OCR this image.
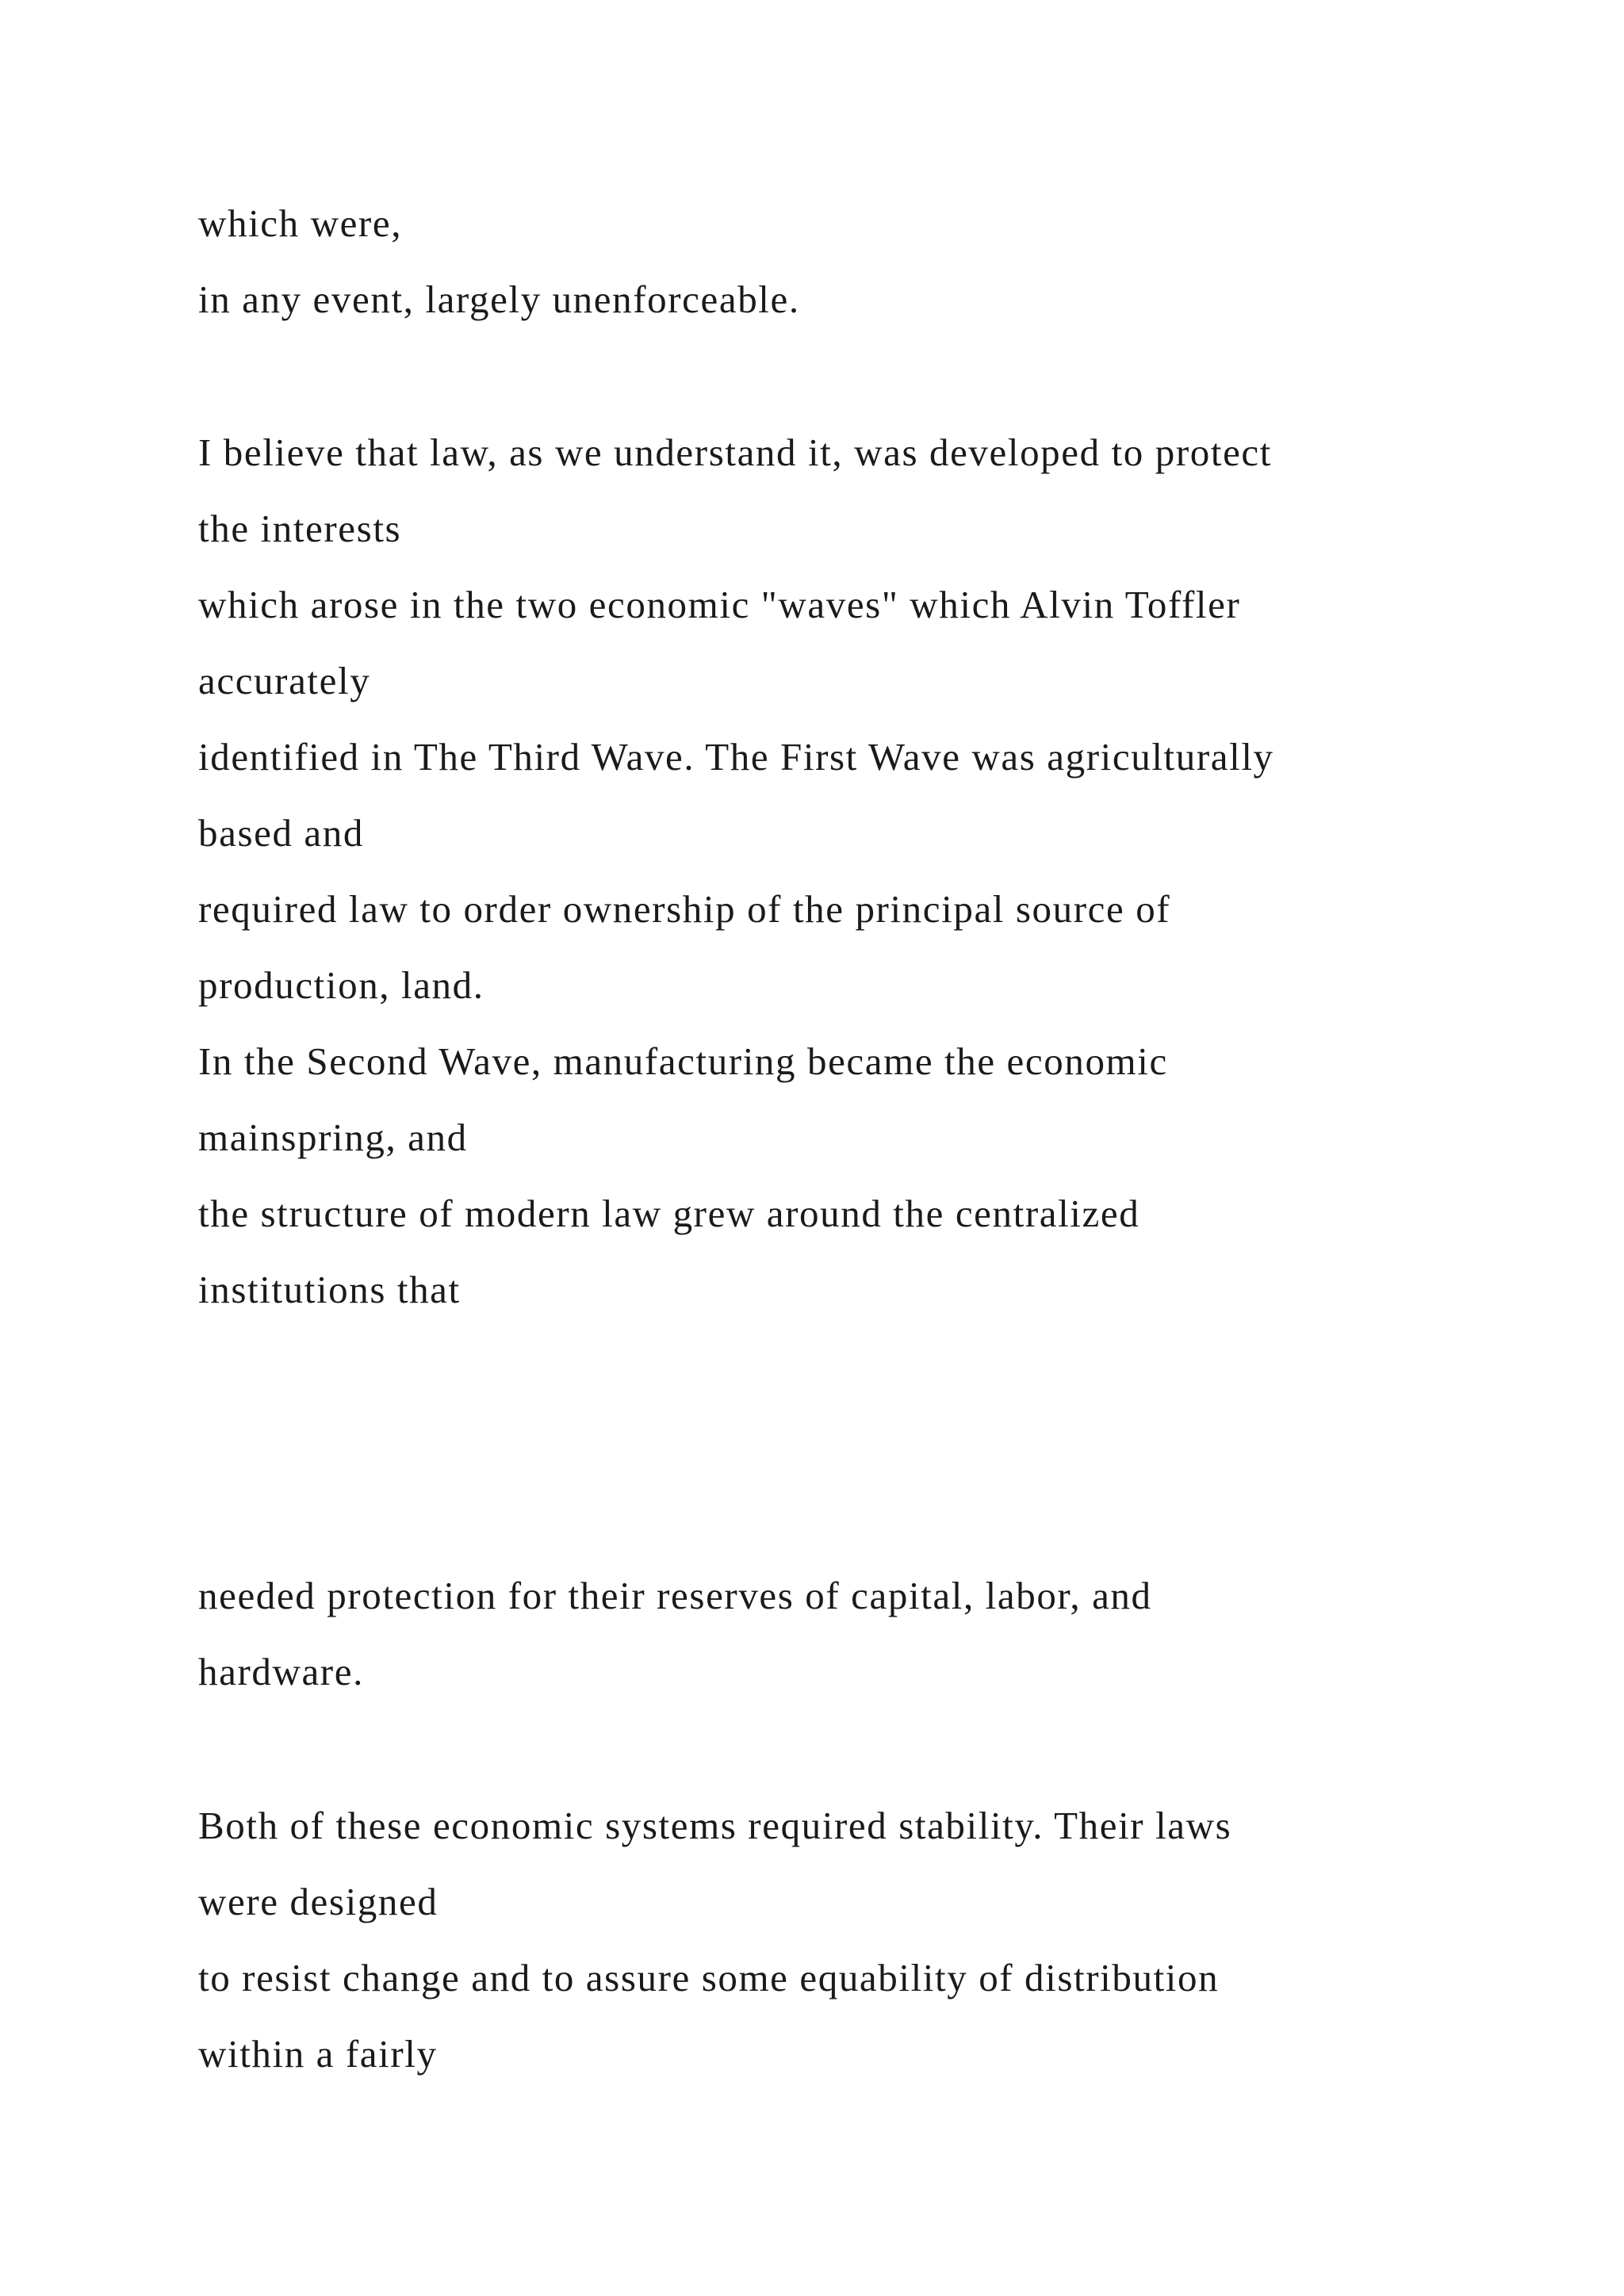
which were,

in any event, largely unenforceable.

I believe that law, as we understand it, was developed to protect

the interests

which arose in the two economic "waves" which Alvin Toffler

accurately

identified in The Third Wave. The First Wave was agriculturally

based and

required law to order ownership of the principal source of

production, land.

In the Second Wave, manufacturing became the economic

mainspring, and

the structure of modern law grew around the centralized

institutions that

needed protection for their reserves of capital, labor, and

hardware.

Both of these economic systems required stability. Their laws

were designed

to resist change and to assure some equability of distribution

within a fairly
